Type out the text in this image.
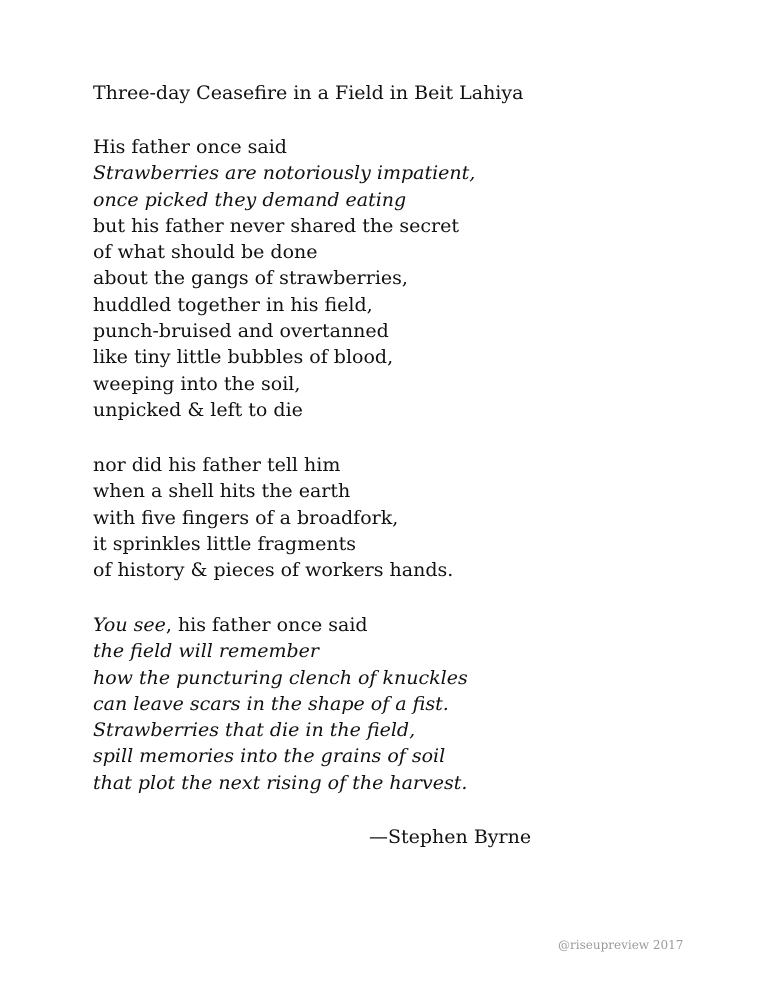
Three-day Ceasefire in a Field in Beit Lahiya
His father once said
Strawberries are notoriously impatient,
once picked they demand eating
but his father never shared the secret
of what should be done
about the gangs of strawberries,
huddled together in his field,
punch-bruised and overtanned
like tiny little bubbles of blood,
weeping into the soil,
unpicked & left to die
nor did his father tell him
when a shell hits the earth
with five fingers of a broadfork,
it sprinkles little fragments
of history & pieces of workers hands.
You see, his father once said
the field will remember
how the puncturing clench of knuckles
can leave scars in the shape of a fist.
Strawberries that die in the field,
spill memories into the grains of soil
that plot the next rising of the harvest.
—Stephen Byrne
@riseupreview 2017
